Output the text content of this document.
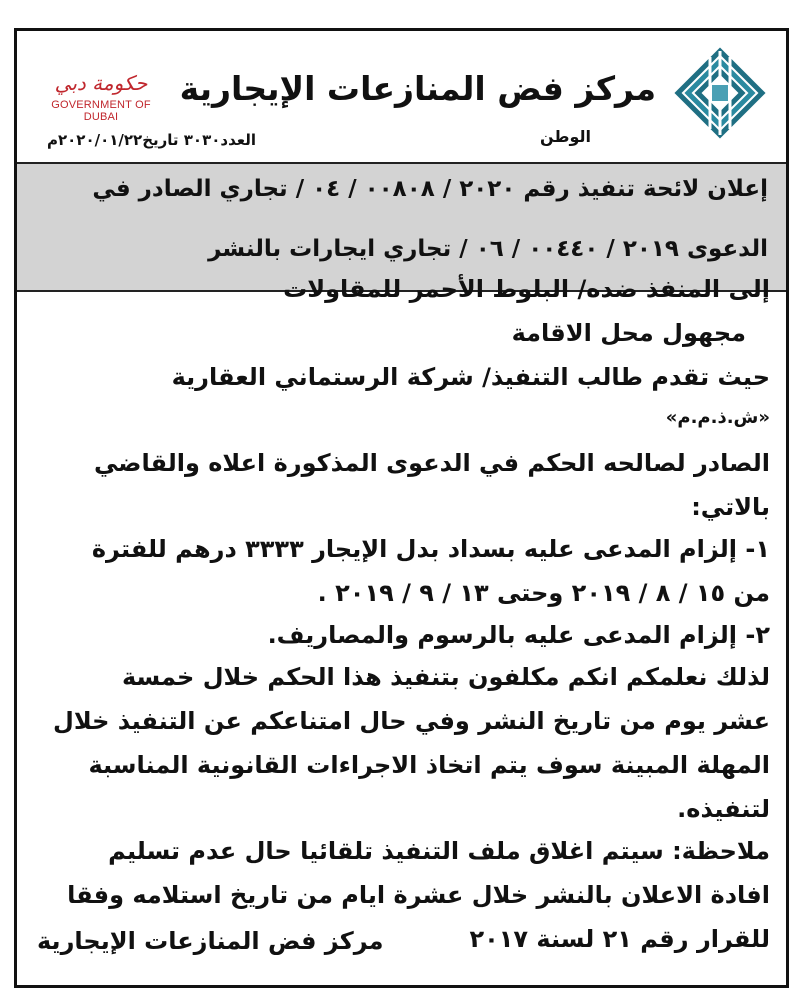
مركز فض المنازعات الإيجارية
الوطن
حكومة دبي
GOVERNMENT OF DUBAI
العدد٣٠٣٠ تاريخ٢٠٢٠/٠١/٢٢م
إعلان لائحة تنفيذ رقم ٢٠٢٠ / ٠٠٨٠٨ / ٠٤ / تجاري الصادر في
الدعوى ٢٠١٩ / ٠٠٤٤٠ / ٠٦ / تجاري ايجارات بالنشر
إلى المنفذ ضده/ البلوط الأحمر للمقاولات
مجهول محل الاقامة
حيث تقدم طالب التنفيذ/ شركة الرستماني العقارية
«ش.ذ.م.م»
الصادر لصالحه الحكم في الدعوى المذكورة اعلاه والقاضي
بالاتي:
١- إلزام المدعى عليه بسداد بدل الإيجار ٣٣٣٣ درهم للفترة
من ١٥ / ٨ / ٢٠١٩ وحتى ١٣ / ٩ / ٢٠١٩ .
٢- إلزام المدعى عليه بالرسوم والمصاريف.
لذلك نعلمكم انكم مكلفون بتنفيذ هذا الحكم خلال خمسة
عشر يوم من تاريخ النشر وفي حال امتناعكم عن التنفيذ خلال
المهلة المبينة سوف يتم اتخاذ الاجراءات القانونية المناسبة
لتنفيذه.
ملاحظة: سيتم اغلاق ملف التنفيذ تلقائيا حال عدم تسليم
افادة الاعلان بالنشر خلال عشرة ايام من تاريخ استلامه وفقا
للقرار رقم ٢١ لسنة ٢٠١٧
مركز فض المنازعات الإيجارية
